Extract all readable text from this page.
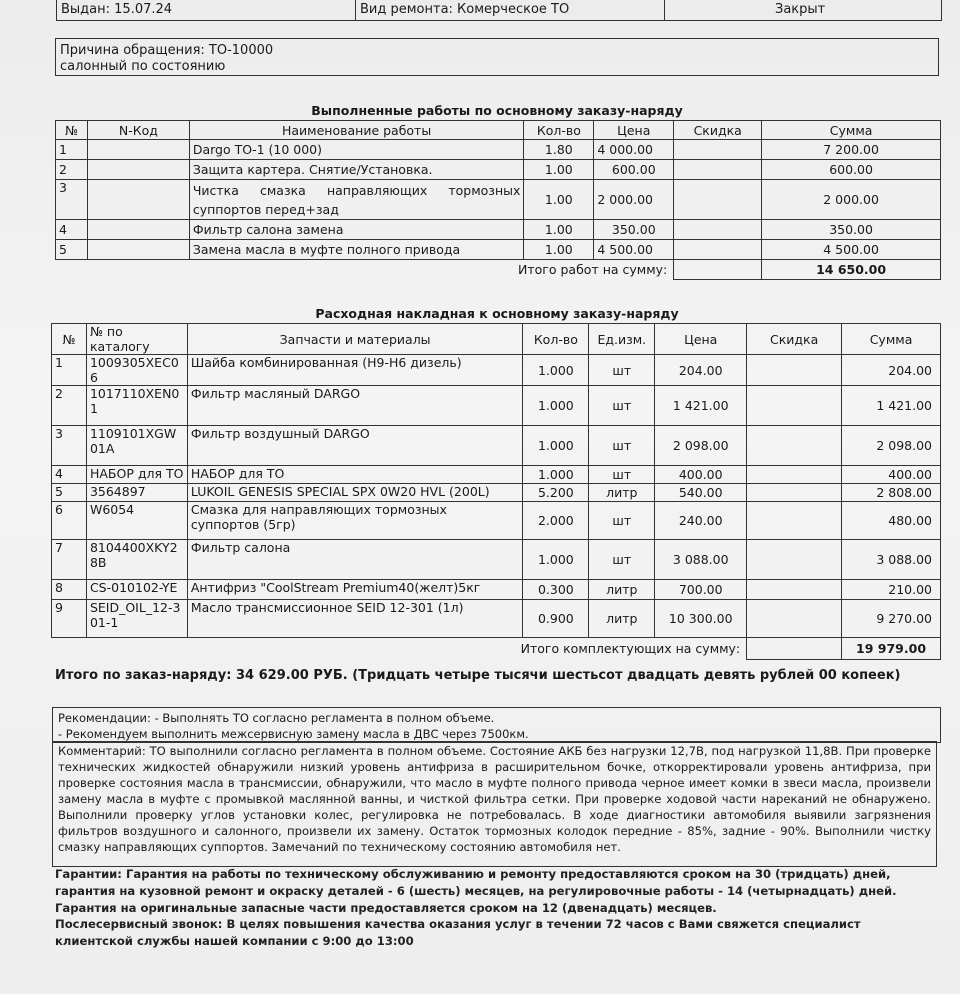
Выдан: 15.07.24	Вид ремонта: Комерческое ТО	Закрыт

Причина обращения: ТО-10000

салонный по состоянию

Выполненные работы по основному заказу-наряду
№	N-Код	Наименование работы	Кол-во	Цена	Скидка	Сумма
1		Dargo ТО-1 (10 000)	1.80	4 000.00		7 200.00
2		Защита картера. Снятие/Установка.	1.00	600.00		600.00
3		Чистка смазка направляющих тормозных суппортов перед+зад	1.00	2 000.00		2 000.00
4		Фильтр салона замена	1.00	350.00		350.00
5		Замена масла в муфте полного привода	1.00	4 500.00		4 500.00
Итого работ на сумму:						14 650.00
Расходная накладная к основному заказу-наряду
№	№ по каталогу	Запчасти и материалы	Кол-во	Ед.изм.	Цена	Скидка	Сумма
1	1009305XEC06	Шайба комбинированная (Н9-Н6 дизель)	1.000	шт	204.00		204.00
2	1017110XEN01	Фильтр масляный DARGO	1.000	шт	1 421.00		1 421.00
3	1109101XGW01A	Фильтр воздушный DARGO	1.000	шт	2 098.00		2 098.00
4	НАБОР для ТО	НАБОР для ТО	1.000	шт	400.00		400.00
5	3564897	LUKOIL GENESIS SPECIAL SPX 0W20 HVL (200L)	5.200	литр	540.00		2 808.00
6	W6054	Смазка для направляющих тормозных суппортов (5гр)	2.000	шт	240.00		480.00
7	8104400XKY28B	Фильтр салона	1.000	шт	3 088.00		3 088.00
8	CS-010102-YE	Антифриз "CoolStream Premium40(желт)5кг	0.300	литр	700.00		210.00
9	SEID_OIL_12-301-1	Масло трансмиссионное SEID 12-301 (1л)	0.900	литр	10 300.00		9 270.00
Итого комплектующих на сумму:							19 979.00
Итого по заказ-наряду: 34 629.00 РУБ. (Тридцать четыре тысячи шестьсот двадцать девять рублей 00 копеек)

Рекомендации: - Выполнять ТО согласно регламента в полном объеме.

- Рекомендуем выполнить межсервисную замену масла в ДВС через 7500км.

Комментарий: ТО выполнили согласно регламента в полном объеме. Состояние АКБ без нагрузки 12,7В, под нагрузкой 11,8В. При проверке технических жидкостей обнаружили низкий уровень антифриза в расширительном бочке, откорректировали уровень антифриза, при проверке состояния масла в трансмиссии, обнаружили, что масло в муфте полного привода черное имеет комки в звеси масла, произвели замену масла в муфте с промывкой маслянной ванны, и чисткой фильтра сетки. При проверке ходовой части нареканий не обнаружено. Выполнили проверку углов установки колес, регулировка не потребовалась. В ходе диагностики автомобиля выявили загрязнения фильтров воздушного и салонного, произвели их замену. Остаток тормозных колодок передние - 85%, задние - 90%. Выполнили чистку смазку направляющих суппортов. Замечаний по техническому состоянию автомобиля нет.

Гарантии: Гарантия на работы по техническому обслуживанию и ремонту предоставляются сроком на 30 (тридцать) дней, гарантия на кузовной ремонт и окраску деталей - 6 (шесть) месяцев, на регулировочные работы - 14 (четырнадцать) дней. Гарантия на оригинальные запасные части предоставляется сроком на 12 (двенадцать) месяцев.

Послесервисный звонок: В целях повышения качества оказания услуг в течении 72 часов с Вами свяжется специалист клиентской службы нашей компании с 9:00 до 13:00
